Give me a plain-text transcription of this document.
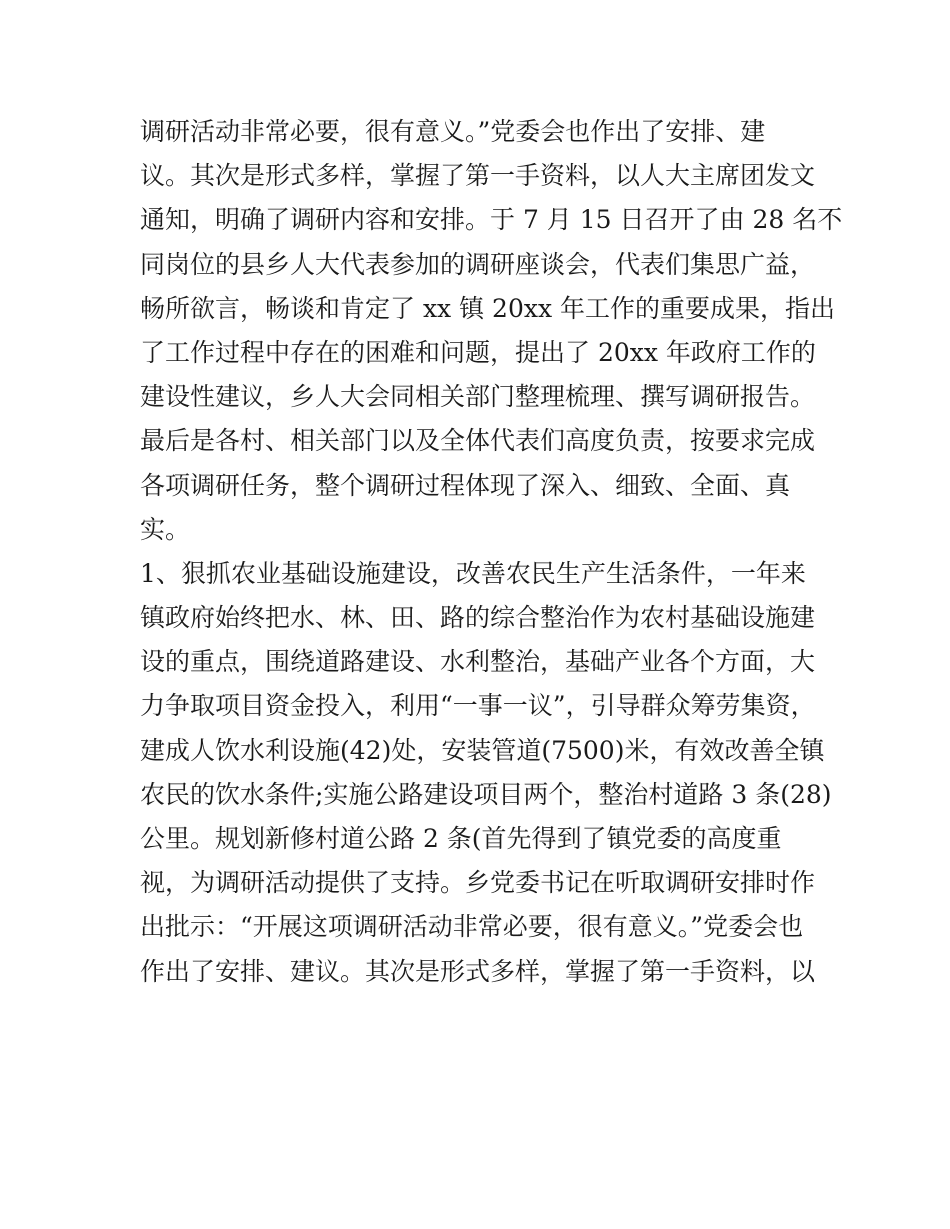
调研活动非常必要，很有意义。”党委会也作出了安排、建
议。其次是形式多样，掌握了第一手资料，以人大主席团发文
通知，明确了调研内容和安排。于 7 月 15 日召开了由 28 名不
同岗位的县乡人大代表参加的调研座谈会，代表们集思广益，
畅所欲言，畅谈和肯定了 xx 镇 20xx 年工作的重要成果，指出
了工作过程中存在的困难和问题，提出了 20xx 年政府工作的
建设性建议，乡人大会同相关部门整理梳理、撰写调研报告。
最后是各村、相关部门以及全体代表们高度负责，按要求完成
各项调研任务，整个调研过程体现了深入、细致、全面、真
实。
1、狠抓农业基础设施建设，改善农民生产生活条件，一年来
镇政府始终把水、林、田、路的综合整治作为农村基础设施建
设的重点，围绕道路建设、水利整治，基础产业各个方面，大
力争取项目资金投入，利用“一事一议”，引导群众筹劳集资，
建成人饮水利设施(42)处，安装管道(7500)米，有效改善全镇
农民的饮水条件;实施公路建设项目两个，整治村道路 3 条(28)
公里。规划新修村道公路 2 条(首先得到了镇党委的高度重
视，为调研活动提供了支持。乡党委书记在听取调研安排时作
出批示：“开展这项调研活动非常必要，很有意义。”党委会也
作出了安排、建议。其次是形式多样，掌握了第一手资料，以
